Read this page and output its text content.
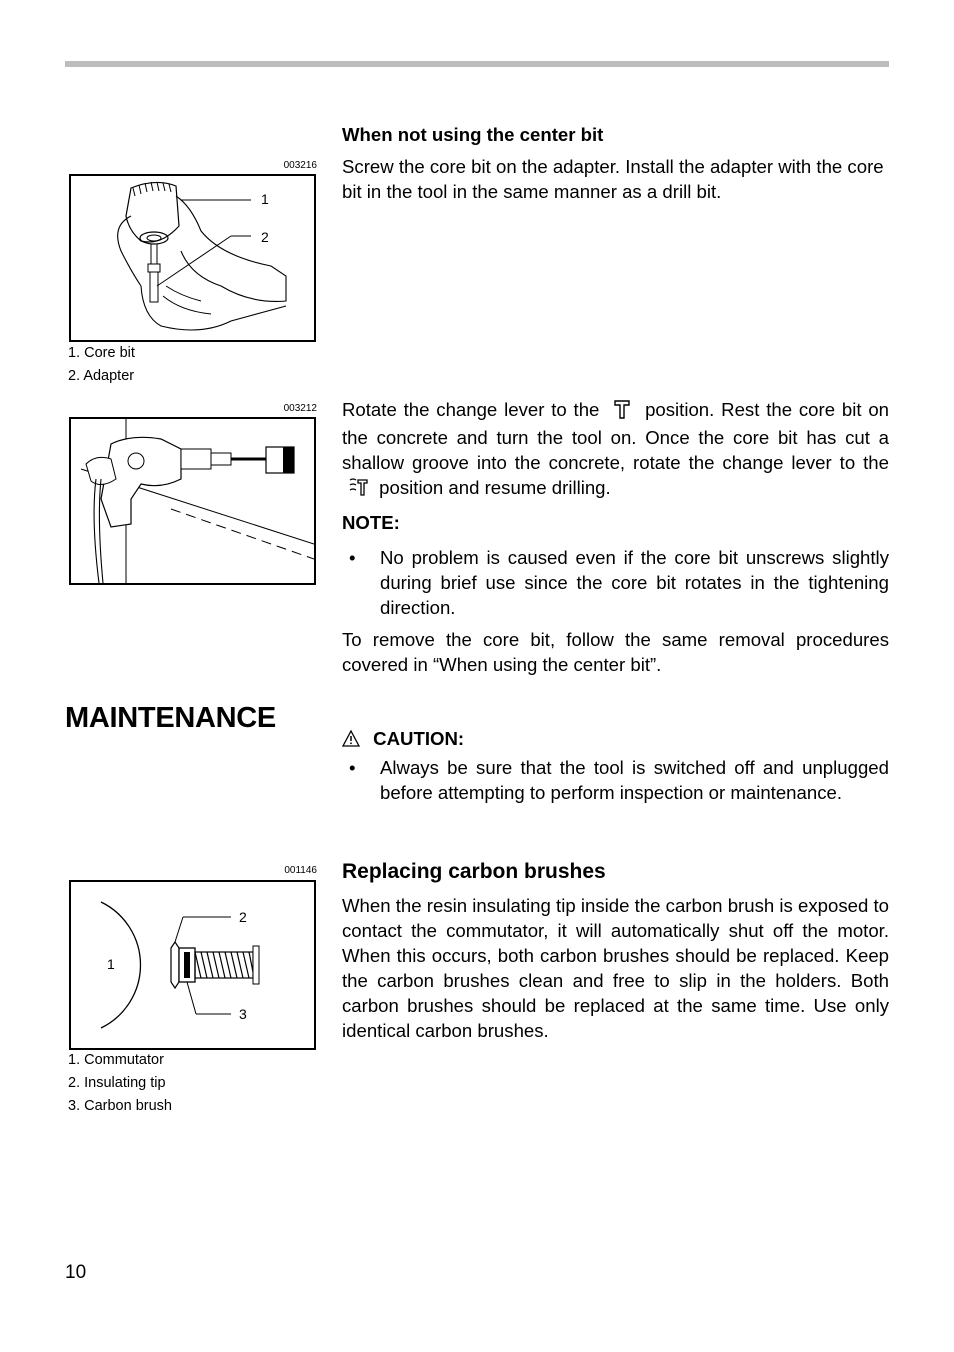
003216
1
2
1. Core bit
2. Adapter
003212
When not using the center bit
Screw the core bit on the adapter. Install the adapter with the core bit in the tool in the same manner as a drill bit.
Rotate the change lever to the position. Rest the core bit on the concrete and turn the tool on. Once the core bit has cut a shallow groove into the concrete, rotate the change lever to the  position and resume drilling.
NOTE:
• No problem is caused even if the core bit unscrews slightly during brief use since the core bit rotates in the tightening direction.
To remove the core bit, follow the same removal procedures covered in “When using the center bit”.
MAINTENANCE
CAUTION:
• Always be sure that the tool is switched off and unplugged before attempting to perform inspection or maintenance.
001146
1
2
3
1. Commutator
2. Insulating tip
3. Carbon brush
Replacing carbon brushes
When the resin insulating tip inside the carbon brush is exposed to contact the commutator, it will automatically shut off the motor. When this occurs, both carbon brushes should be replaced. Keep the carbon brushes clean and free to slip in the holders. Both carbon brushes should be replaced at the same time. Use only identical carbon brushes.
10
